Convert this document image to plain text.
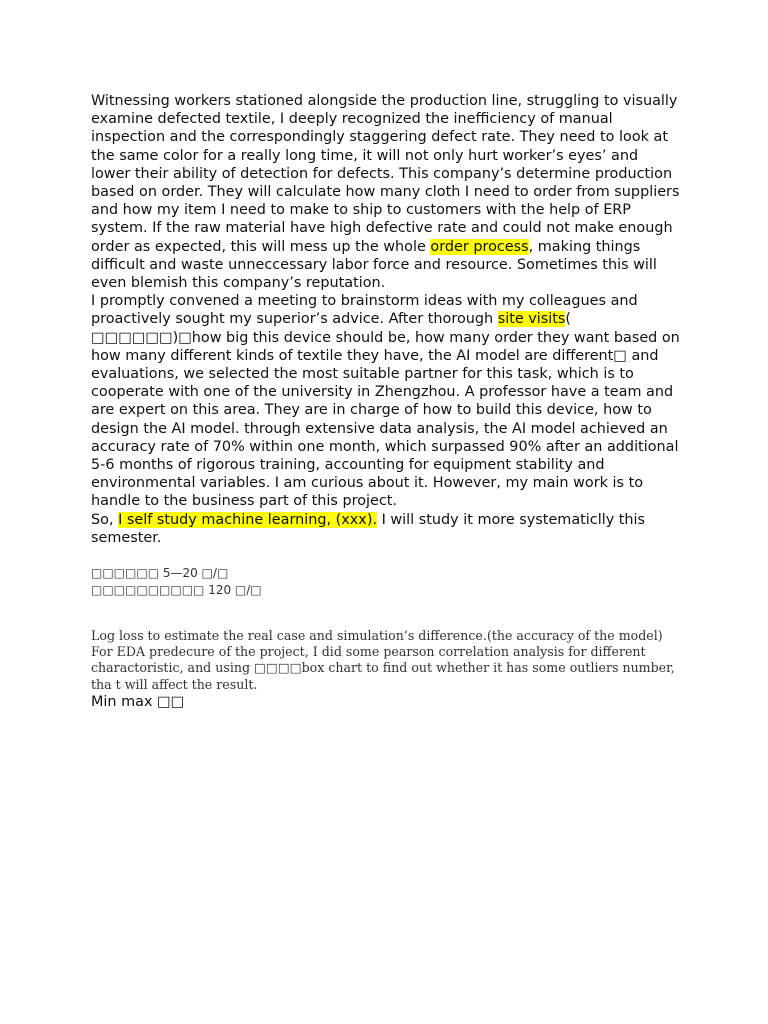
Witnessing workers stationed alongside the production line, struggling to visually examine defected textile, I deeply recognized the inefficiency of manual inspection and the correspondingly staggering defect rate. They need to look at the same color for a really long time, it will not only hurt worker’s eyes’ and lower their ability of detection for defects. This company’s determine production based on order. They will calculate how many cloth I need to order from suppliers and how my item I need to make to ship to customers with the help of ERP system. If the raw material have high defective rate and could not make enough order as expected, this will mess up the whole order process, making things difficult and waste unneccessary labor force and resource. Sometimes this will even blemish this company’s reputation.

I promptly convened a meeting to brainstorm ideas with my colleagues and proactively sought my superior’s advice. After thorough site visits( □□□□□□)□how big this device should be, how many order they want based on how many different kinds of textile they have, the AI model are different□ and evaluations, we selected the most suitable partner for this task, which is to cooperate with one of the university in Zhengzhou. A professor have a team and are expert on this area. They are in charge of how to build this device, how to design the AI model. through extensive data analysis, the AI model achieved an accuracy rate of 70% within one month, which surpassed 90% after an additional 5-6 months of rigorous training, accounting for equipment stability and environmental variables. I am curious about it. However, my main work is to handle to the business part of this project.

So, I self study machine learning, (xxx). I will study it more systematiclly this semester.

□□□□□□ 5—20 □/□

□□□□□□□□□□ 120 □/□

Log loss to estimate the real case and simulation’s difference.(the accuracy of the model)

For EDA predecure of the project, I did some pearson correlation analysis for different charactoristic, and using □□□□box chart to find out whether it has some outliers number, tha t will affect the result.

Min max □□
